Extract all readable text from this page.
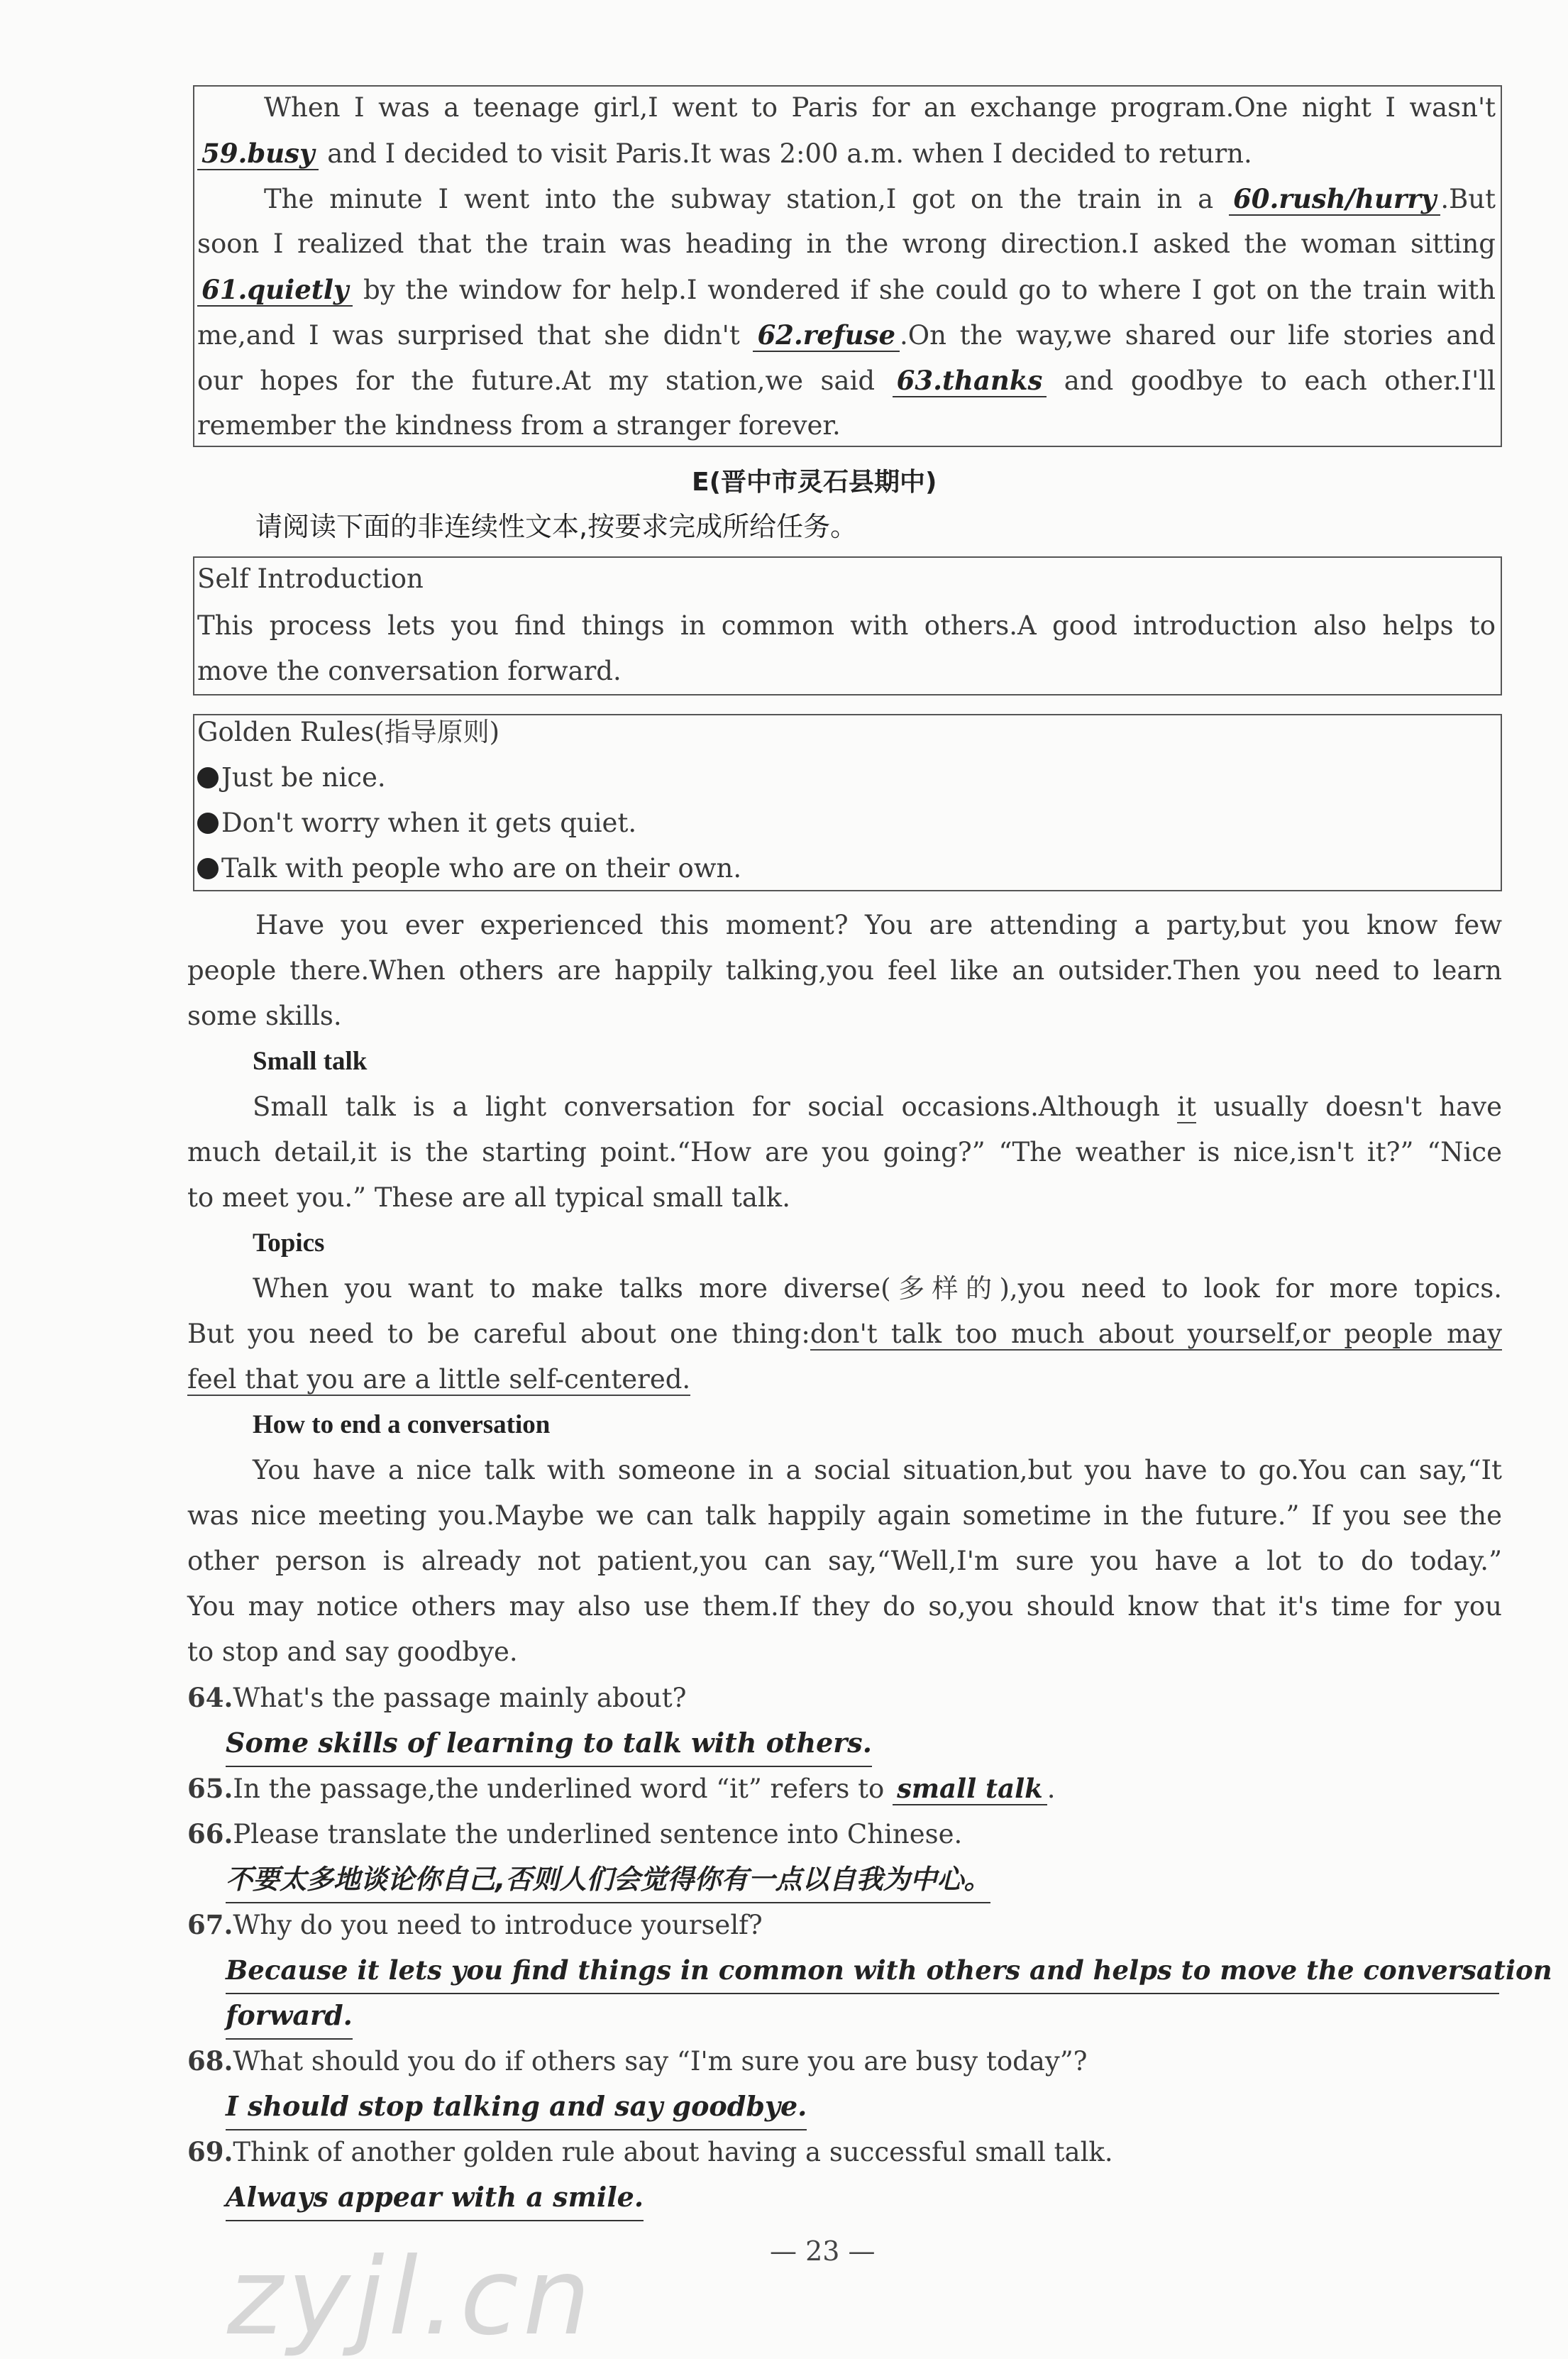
When I was a teenage girl,I went to Paris for an exchange program.One night I wasn't
59.busy and I decided to visit Paris.It was 2:00 a.m. when I decided to return.
The minute I went into the subway station,I got on the train in a 60.rush/hurry .But
soon I realized that the train was heading in the wrong direction.I asked the woman sitting
61.quietly by the window for help.I wondered if she could go to where I got on the train with
me,and I was surprised that she didn't 62.refuse .On the way,we shared our life stories and
our hopes for the future.At my station,we said 63.thanks and goodbye to each other.I'll
remember the kindness from a stranger forever.
E(晋中市灵石县期中)
请阅读下面的非连续性文本,按要求完成所给任务。
Self Introduction
This process lets you find things in common with others.A good introduction also helps to
move the conversation forward.
Golden Rules(指导原则)
Just be nice.
Don't worry when it gets quiet.
Talk with people who are on their own.
Have you ever experienced this moment? You are attending a party,but you know few
people there.When others are happily talking,you feel like an outsider.Then you need to learn
some skills.
Small talk
Small talk is a light conversation for social occasions.Although it usually doesn't have
much detail,it is the starting point.“How are you going?” “The weather is nice,isn't it?” “Nice
to meet you.” These are all typical small talk.
Topics
When you want to make talks more diverse(多样的),you need to look for more topics.
But you need to be careful about one thing:don't talk too much about yourself,or people may
feel that you are a little self-centered.
How to end a conversation
You have a nice talk with someone in a social situation,but you have to go.You can say,“It
was nice meeting you.Maybe we can talk happily again sometime in the future.” If you see the
other person is already not patient,you can say,“Well,I'm sure you have a lot to do today.”
You may notice others may also use them.If they do so,you should know that it's time for you
to stop and say goodbye.
64.What's the passage mainly about?
Some skills of learning to talk with others.
65.In the passage,the underlined word “it” refers to small talk .
66.Please translate the underlined sentence into Chinese.
不要太多地谈论你自己,否则人们会觉得你有一点以自我为中心。
67.Why do you need to introduce yourself?
Because it lets you find things in common with others and helps to move the conversation
forward.
68.What should you do if others say “I'm sure you are busy today”?
I should stop talking and say goodbye.
69.Think of another golden rule about having a successful small talk.
Always appear with a smile.
zyjl.cn	— 23 —
